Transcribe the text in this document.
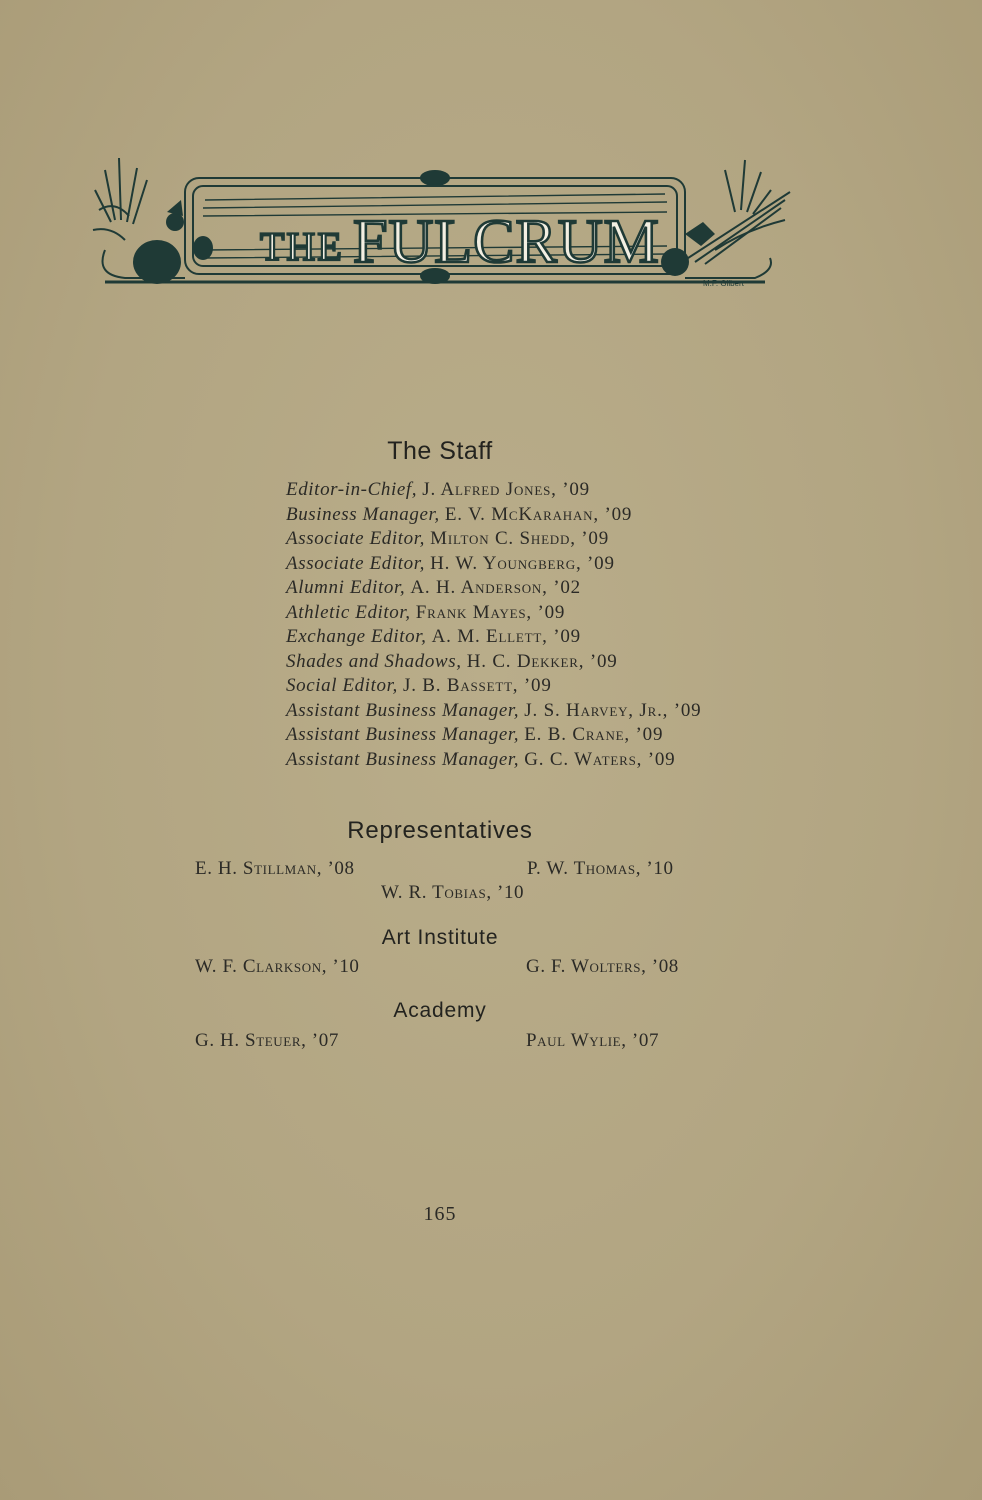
THE FULCRUM
M.F. Gilbert
The Staff
Editor-in-Chief, J. Alfred Jones, ’09
Business Manager, E. V. McKarahan, ’09
Associate Editor, Milton C. Shedd, ’09
Associate Editor, H. W. Youngberg, ’09
Alumni Editor, A. H. Anderson, ’02
Athletic Editor, Frank Mayes, ’09
Exchange Editor, A. M. Ellett, ’09
Shades and Shadows, H. C. Dekker, ’09
Social Editor, J. B. Bassett, ’09
Assistant Business Manager, J. S. Harvey, Jr., ’09
Assistant Business Manager, E. B. Crane, ’09
Assistant Business Manager, G. C. Waters, ’09
Representatives
E. H. Stillman, ’08	P. W. Thomas, ’10
W. R. Tobias, ’10
Art Institute
W. F. Clarkson, ’10	G. F. Wolters, ’08
Academy
G. H. Steuer, ’07	Paul Wylie, ’07
165
